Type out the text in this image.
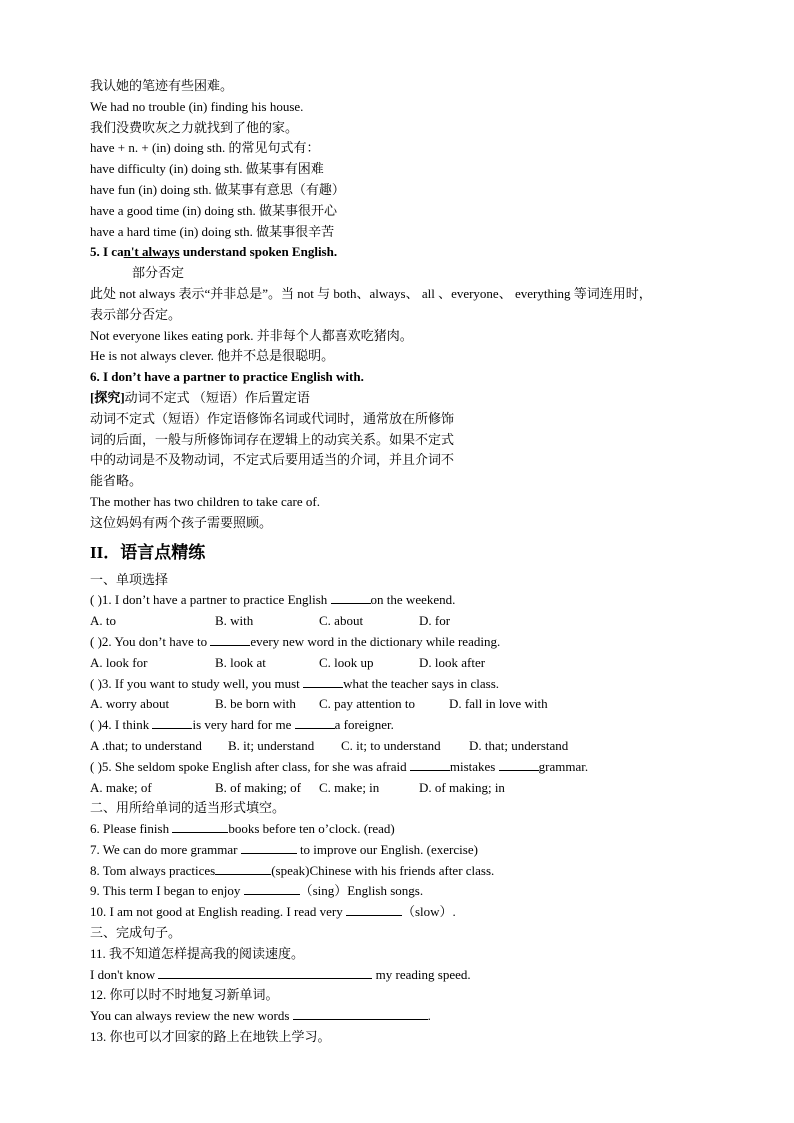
我认她的笔迹有些困难。
We had no trouble (in) finding his house.
我们没费吹灰之力就找到了他的家。
have + n. + (in) doing sth. 的常见句式有：
have difficulty (in) doing sth. 做某事有困难
have fun (in) doing sth. 做某事有意思（有趣）
have a good time (in) doing sth. 做某事很开心
have a hard time (in) doing sth. 做某事很辛苦
5. I can't always understand spoken English.
部分否定
此处 not always 表示“并非总是”。当 not 与 both、always、 all 、everyone、 everything 等词连用时，
表示部分否定。
Not everyone likes eating pork. 并非每个人都喜欢吃猪肉。
He is not always clever. 他并不总是很聪明。
6. I don’t have a partner to practice English with.
[探究]动词不定式 （短语）作后置定语
动词不定式（短语）作定语修饰名词或代词时，通常放在所修饰
词的后面，一般与所修饰词存在逻辑上的动宾关系。如果不定式
中的动词是不及物动词，不定式后要用适当的介词，并且介词不
能省略。
The mother has two children to take care of.
这位妈妈有两个孩子需要照顾。
II．语言点精练
一、单项选择
( )1. I don’t have a partner to practice English	on the weekend.
A. to	B. with	C. about	D. for
( )2. You don’t have to	every new word in the dictionary while reading.
A. look for	B. look at	C. look up	D. look after
( )3. If you want to study well, you must	what the teacher says in class.
A. worry about	B. be born with C. pay attention to	D. fall in love with
( )4. I think	is very hard for me	a foreigner.
A .that; to understand B. it; understand C. it; to understand D. that; understand
( )5. She seldom spoke English after class, for she was afraid	mistakes	grammar.
A. make; of	B. of making; of C. make; in	D. of making; in
二、用所给单词的适当形式填空。
6. Please finish	books before ten o’clock. (read)
7. We can do more grammar	to improve our English. (exercise)
8. Tom always practices	(speak)Chinese with his friends after class.
9. This term I began to enjoy	（sing）English songs.
10. I am not good at English reading. I read very	（slow）.
三、完成句子。
11. 我不知道怎样提高我的阅读速度。
I don't know	my reading speed.
12. 你可以时不时地复习新单词。
You can always review the new words	.
13. 你也可以才回家的路上在地铁上学习。
